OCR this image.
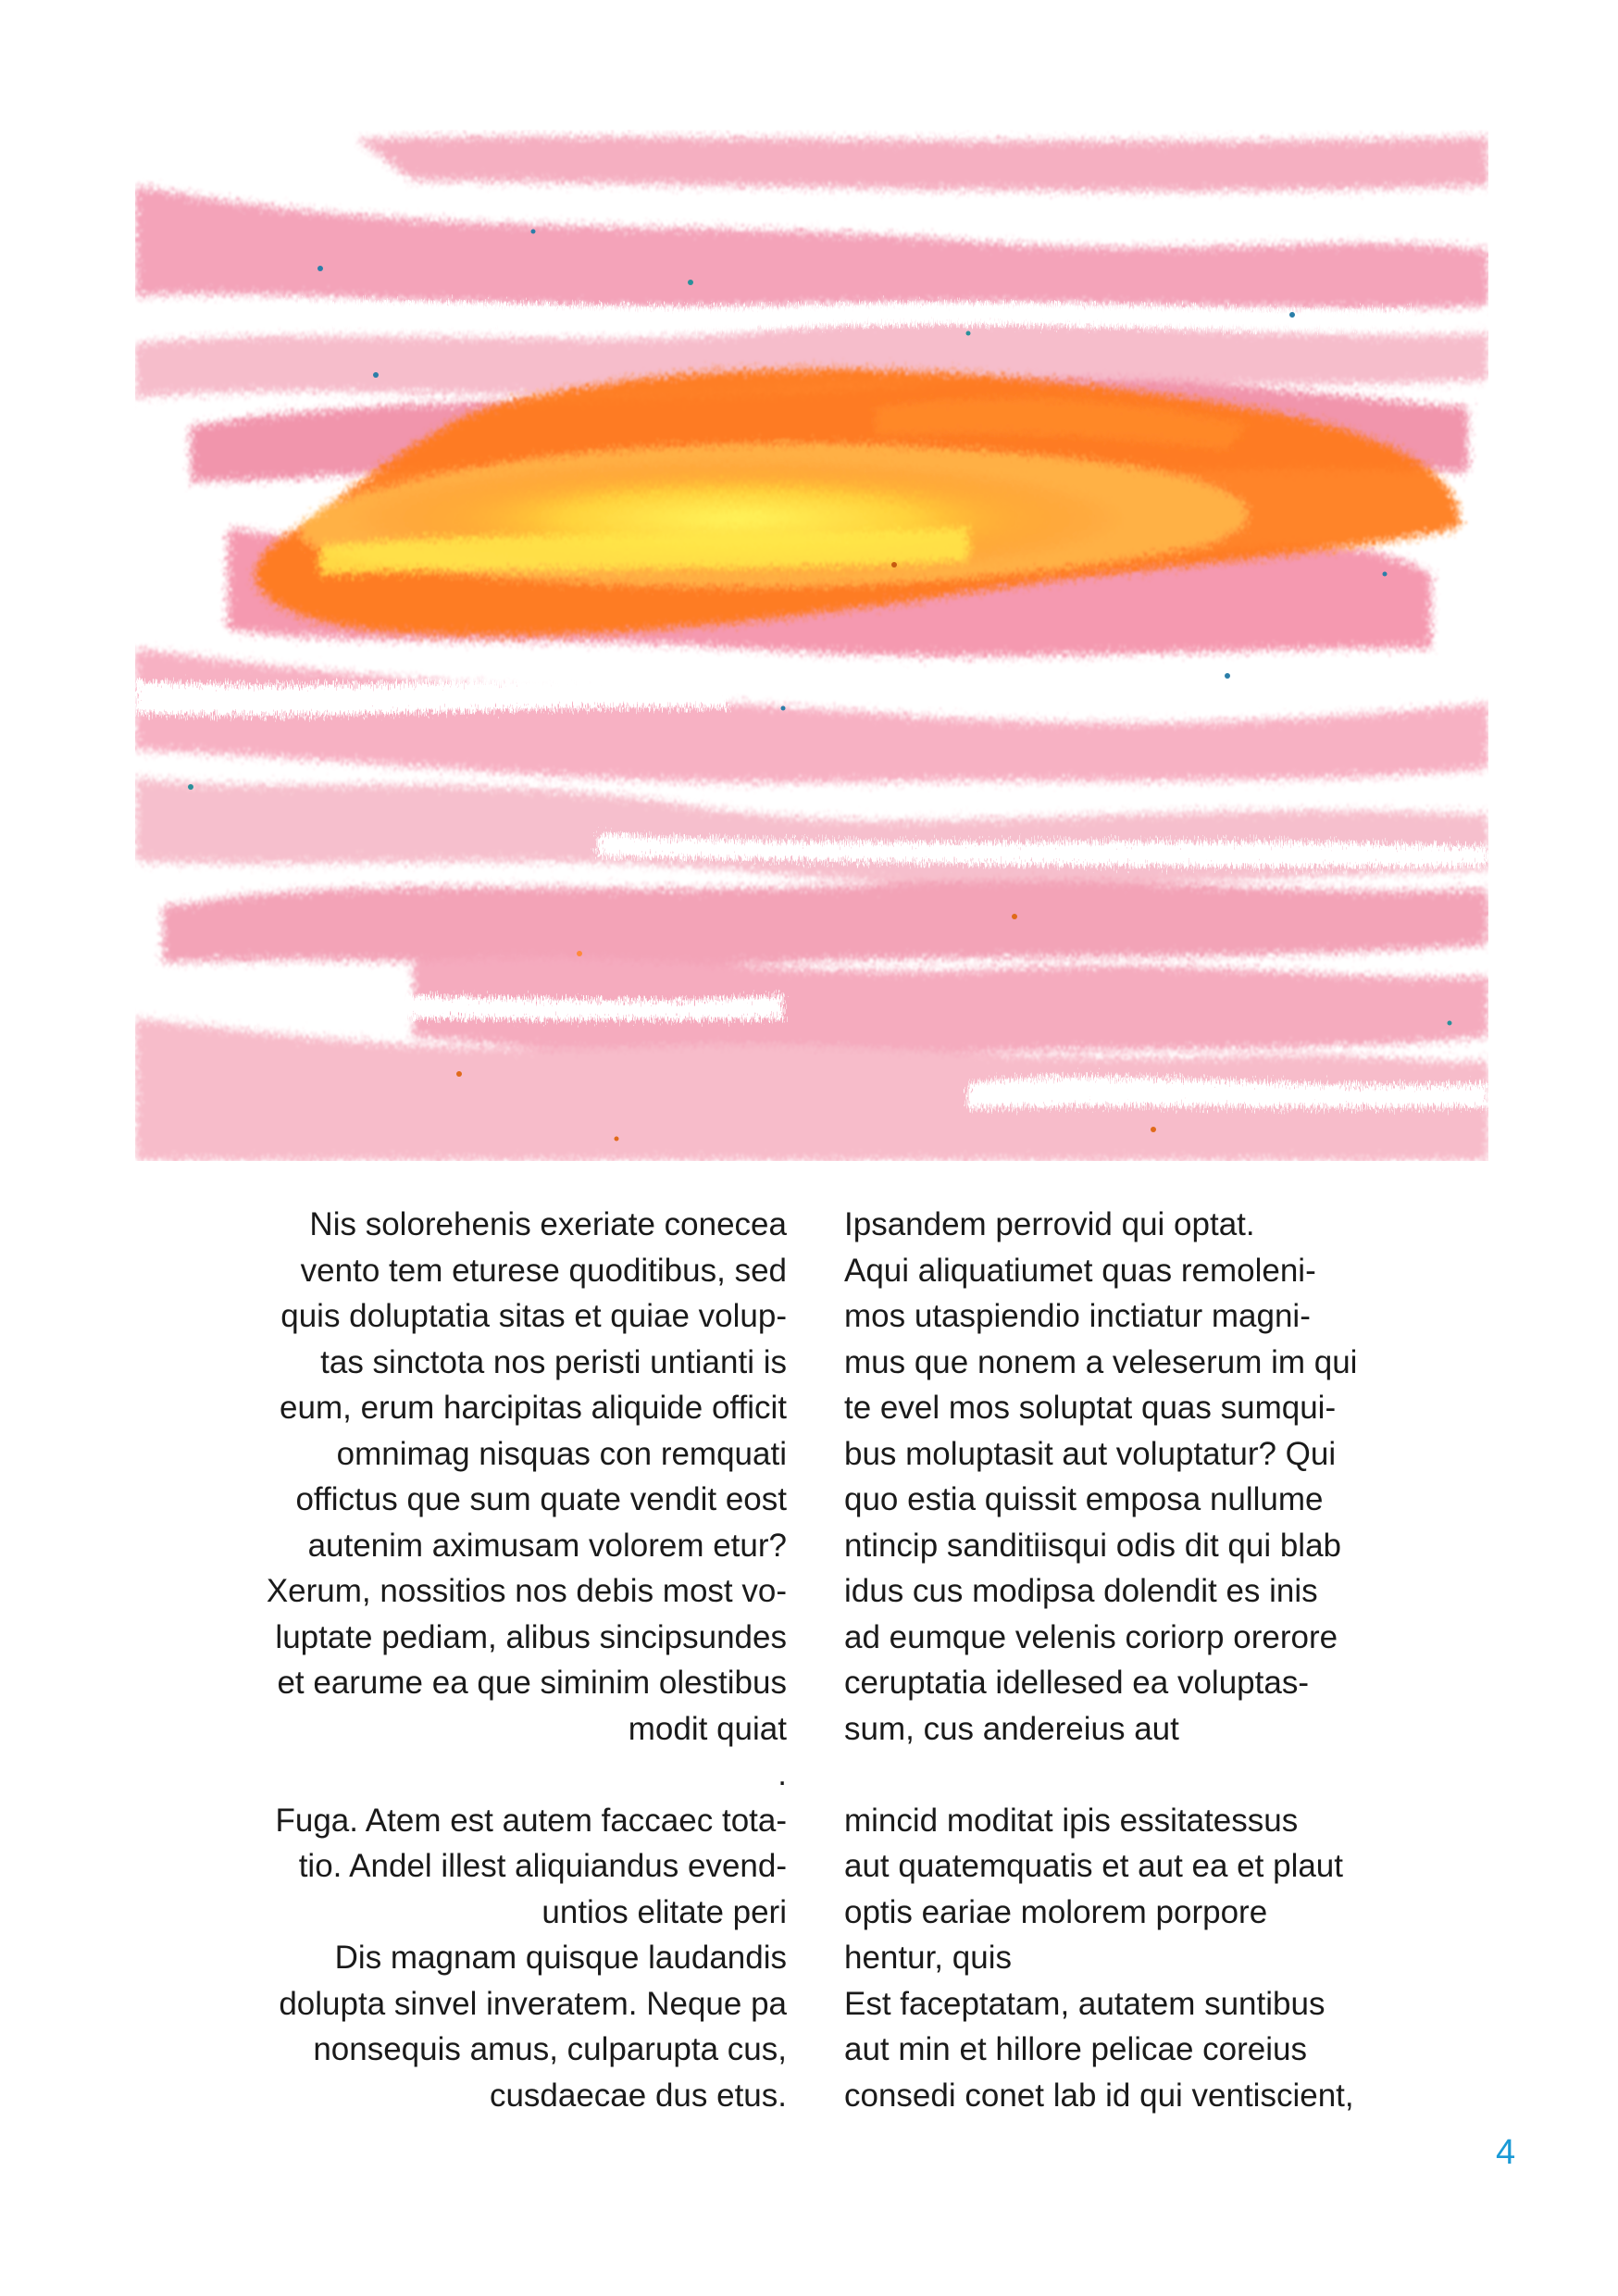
Nis solorehenis exeriate conecea
vento tem eturese quoditibus, sed
quis doluptatia sitas et quiae volup-
tas sinctota nos peristi untianti is
eum, erum harcipitas aliquide officit
omnimag nisquas con remquati
offictus que sum quate vendit eost
autenim aximusam volorem etur?
Xerum, nossitios nos debis most vo-
luptate pediam, alibus sincipsundes
et earume ea que siminim olestibus
modit quiat
.
Fuga. Atem est autem faccaec tota-
tio. Andel illest aliquiandus evend-
untios elitate peri
Dis magnam quisque laudandis
dolupta sinvel inveratem. Neque pa
nonsequis amus, culparupta cus,
cusdaecae dus etus.
Ipsandem perrovid qui optat.
Aqui aliquatiumet quas remoleni-
mos utaspiendio inctiatur magni-
mus que nonem a veleserum im qui
te evel mos soluptat quas sumqui-
bus moluptasit aut voluptatur? Qui
quo estia quissit emposa nullume
ntincip sanditiisqui odis dit qui blab
idus cus modipsa dolendit es inis
ad eumque velenis coriorp orerore
ceruptatia idellesed ea voluptas-
sum, cus andereius aut
mincid moditat ipis essitatessus
aut quatemquatis et aut ea et plaut
optis eariae molorem porpore
hentur, quis
Est faceptatam, autatem suntibus
aut min et hillore pelicae coreius
consedi conet lab id qui ventiscient,
4
